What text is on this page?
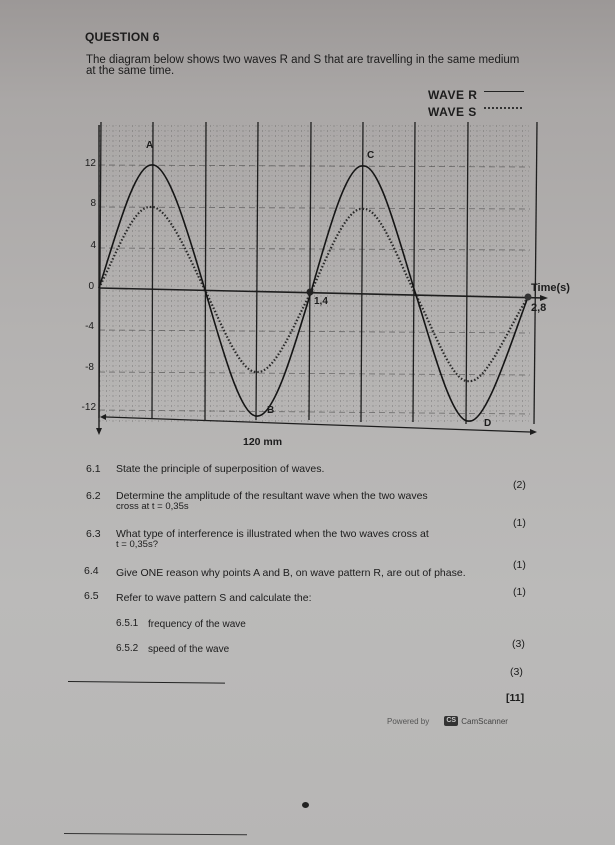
QUESTION 6
The diagram below shows two waves R and S that are travelling in the same medium
at the same time.
WAVE R
WAVE S
12
8
4
0
-4
-8
-12
A
B
C
D
1,4
2,8
Time(s)
120 mm
6.1 State the principle of superposition of waves.
(2)
6.2 Determine the amplitude of the resultant wave when the two waves
cross at t = 0,35s
(1)
6.3 What type of interference is illustrated when the two waves cross at
t = 0,35s?
(1)
6.4 Give ONE reason why points A and B, on wave pattern R, are out of phase.
(1)
6.5 Refer to wave pattern S and calculate the:
6.5.1 frequency of the wave
(3)
6.5.2 speed of the wave
(3)
[11]
Powered by	CS CamScanner
